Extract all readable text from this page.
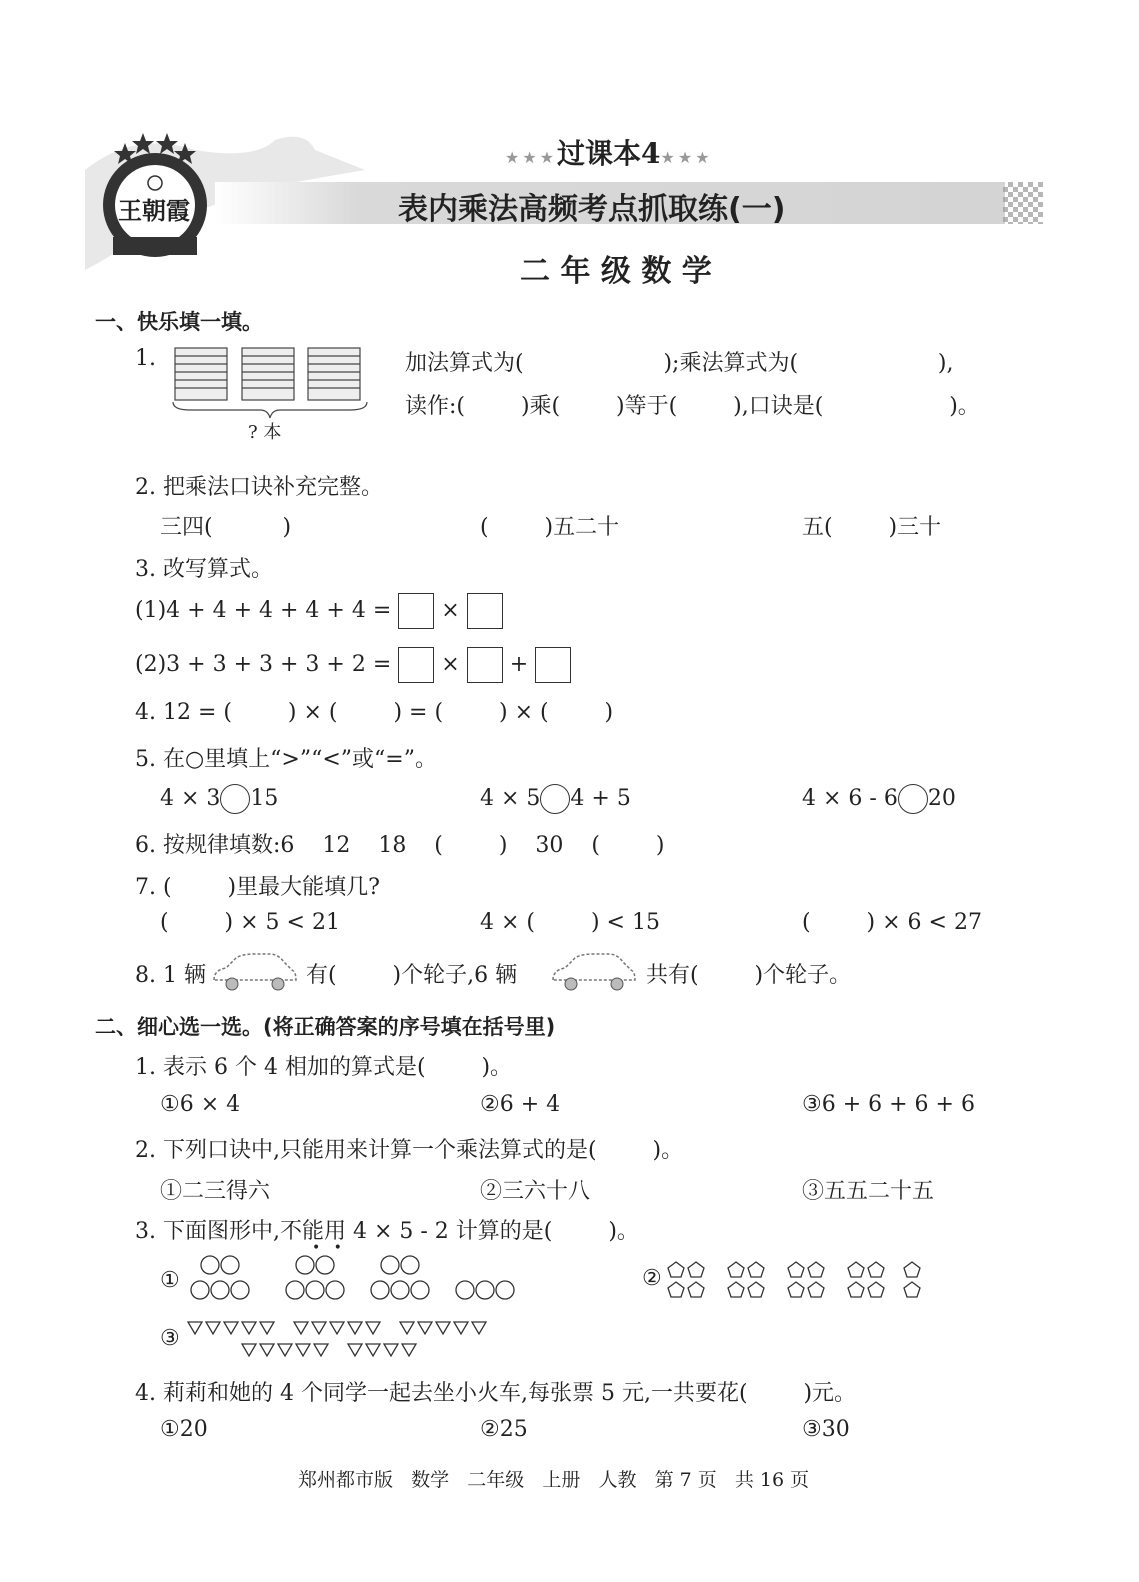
王朝霞
★★★过课本4★★★
表内乘法高频考点抓取练(一)
二 年 级 数 学
一、快乐填一填。
1.
? 本
加法算式为(                    );乘法算式为(                    ),
读作:(        )乘(        )等于(        ),口诀是(                  )。
2. 把乘法口诀补充完整。
三四(          )	(        )五二十	五(        )三十
3. 改写算式。
(1)4 + 4 + 4 + 4 + 4 = ×
(2)3 + 3 + 3 + 3 + 2 = × +
4. 12 = (        ) × (        ) = (        ) × (        )
5. 在○里填上“>”“<”或“=”。
4 × 3 15	4 × 5 4 + 5	4 × 6 - 6 20
6. 按规律填数:6    12    18    (        )    30    (        )
7. (        )里最大能填几?
(        ) × 5 < 21	4 × (        ) < 15	(        ) × 6 < 27
8. 1 辆	有(        )个轮子,6 辆	共有(        )个轮子。
二、细心选一选。(将正确答案的序号填在括号里)
1. 表示 6 个 4 相加的算式是(        )。
①6 × 4	②6 + 4	③6 + 6 + 6 + 6
2. 下列口诀中,只能用来计算一个乘法算式的是(        )。
①二三得六	②三六十八	③五五二十五
3. 下面图形中,不能用 4 × 5 - 2 计算的是(        )。
•   •
①	②
③
4. 莉莉和她的 4 个同学一起去坐小火车,每张票 5 元,一共要花(        )元。
①20	②25	③30
郑州都市版   数学   二年级   上册   人教   第 7 页   共 16 页
